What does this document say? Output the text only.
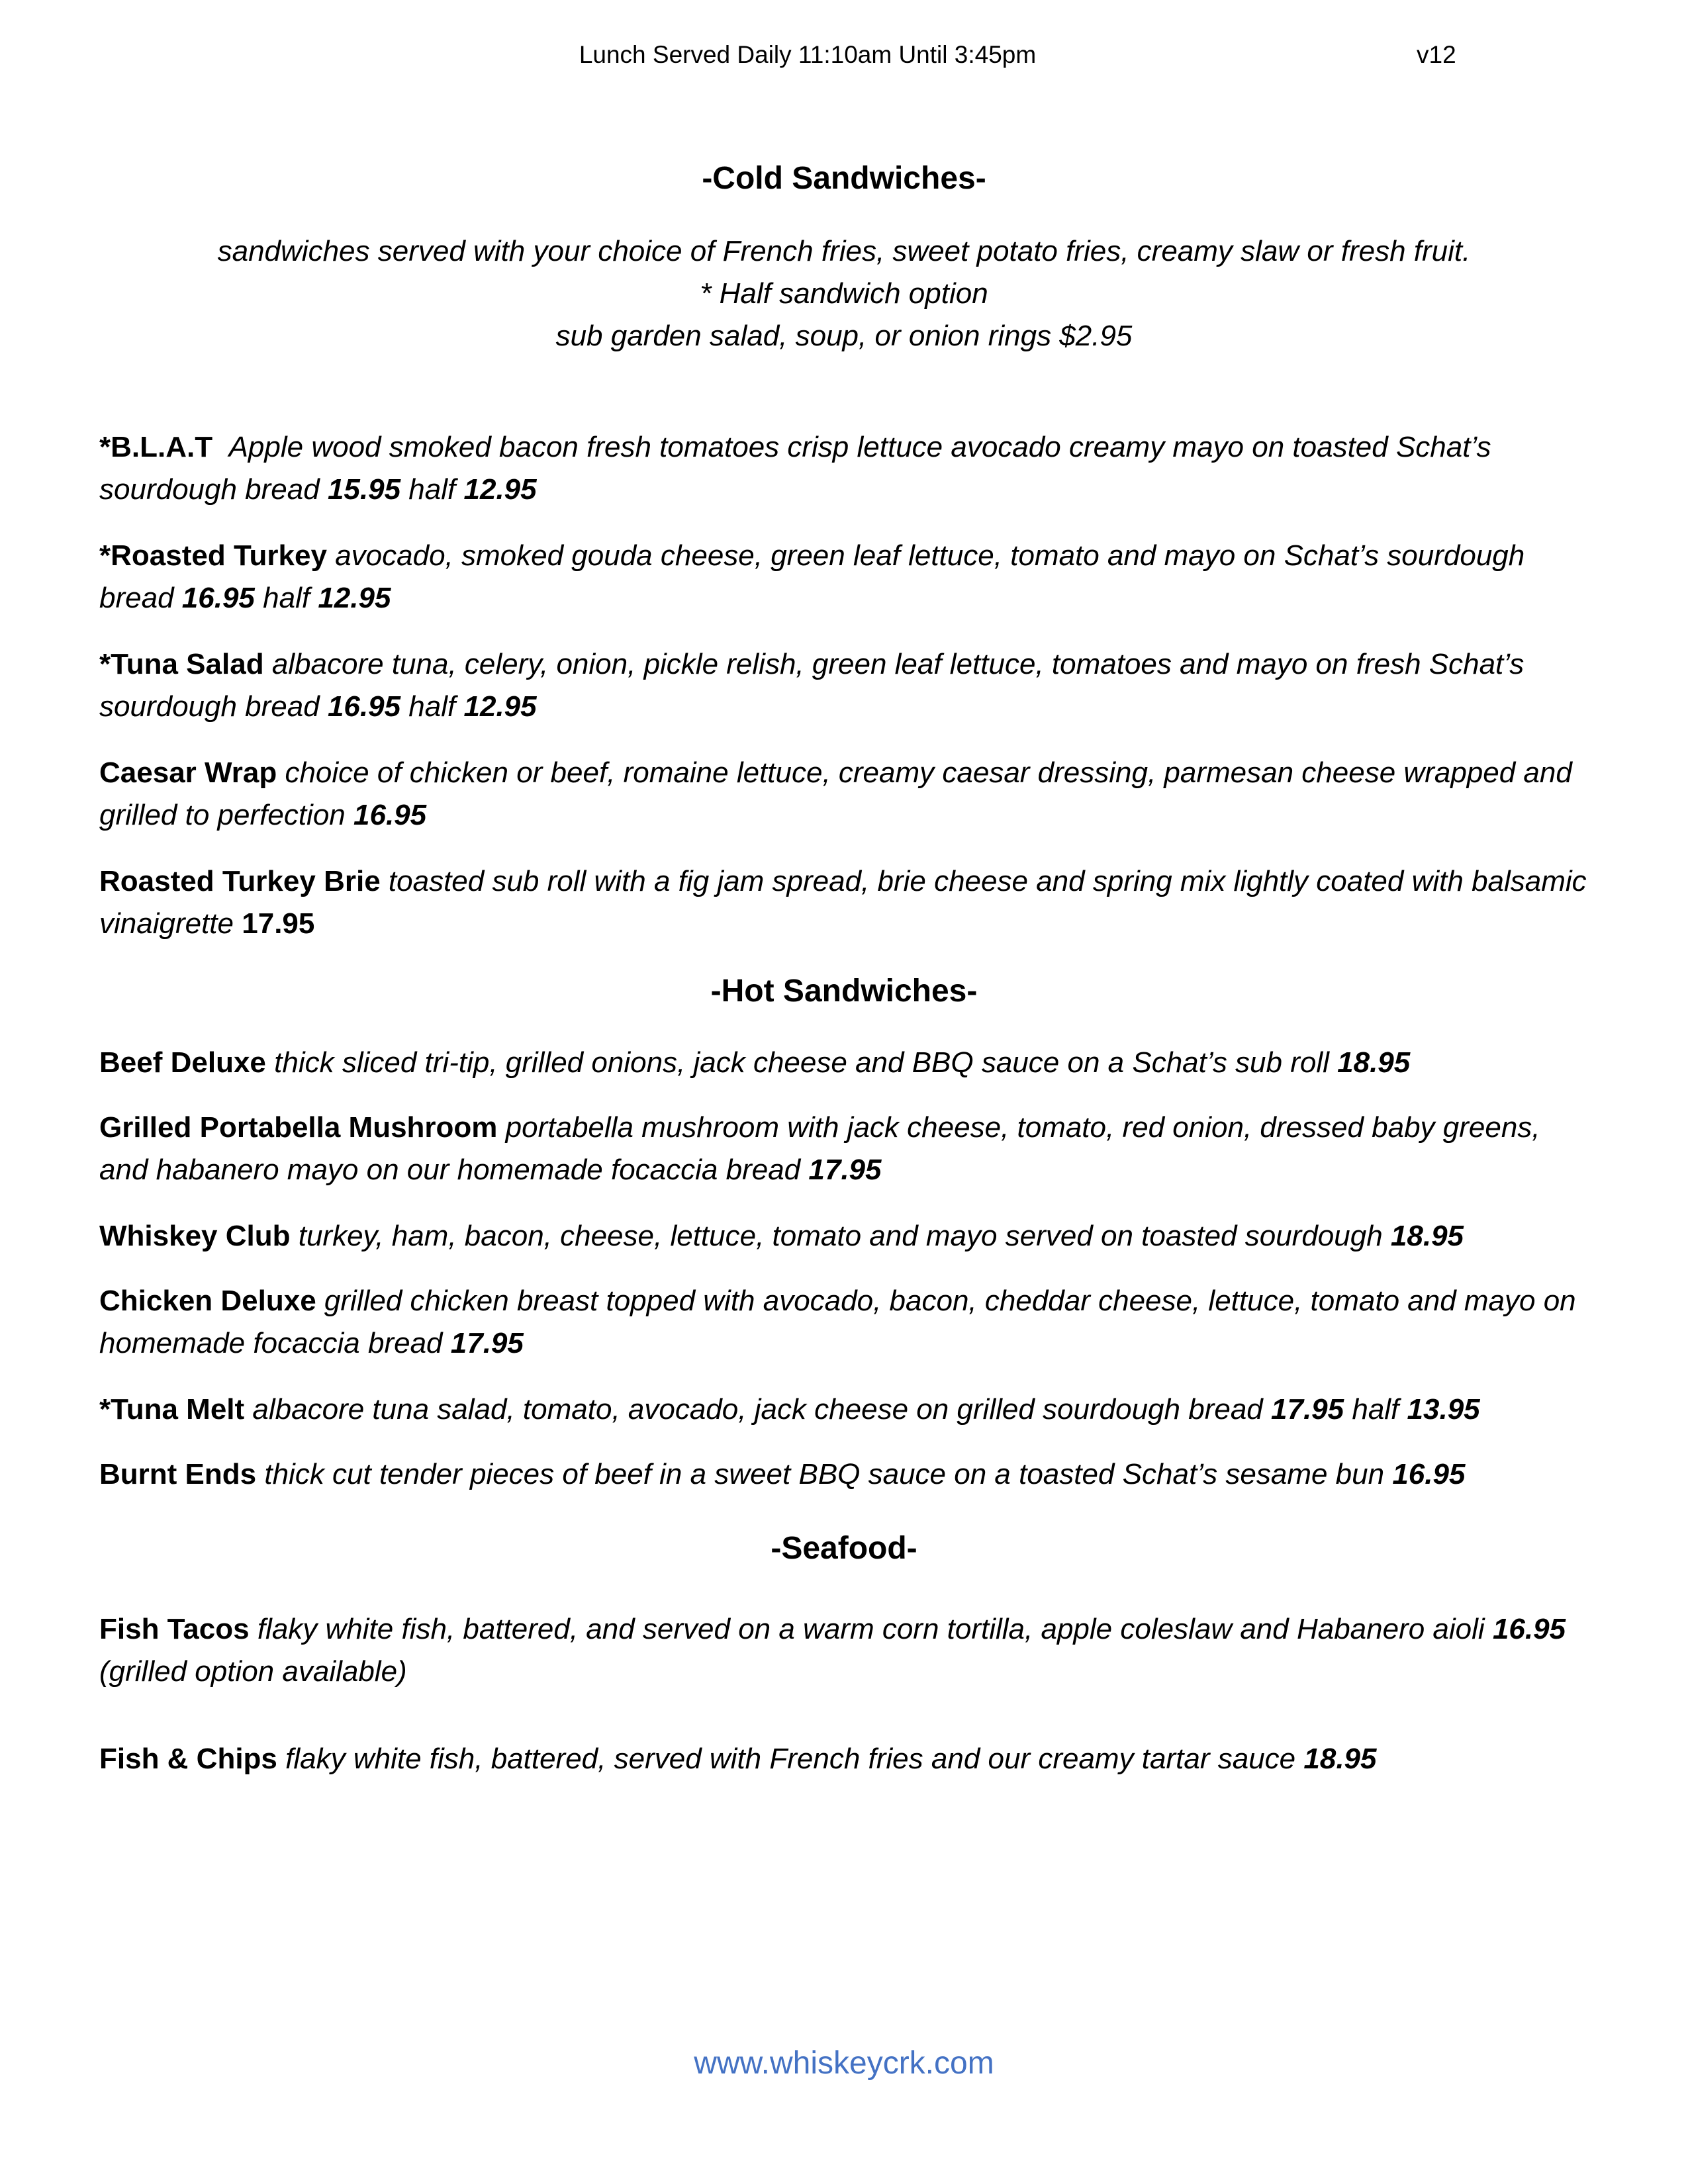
Lunch Served Daily 11:10am Until 3:45pm	v12
-Cold Sandwiches-
sandwiches served with your choice of French fries, sweet potato fries, creamy slaw or fresh fruit.
* Half sandwich option
sub garden salad, soup, or onion rings $2.95
*B.L.A.T Apple wood smoked bacon fresh tomatoes crisp lettuce avocado creamy mayo on toasted Schat’s sourdough bread 15.95 half 12.95
*Roasted Turkey avocado, smoked gouda cheese, green leaf lettuce, tomato and mayo on Schat’s sourdough bread 16.95 half 12.95
*Tuna Salad albacore tuna, celery, onion, pickle relish, green leaf lettuce, tomatoes and mayo on fresh Schat’s sourdough bread 16.95 half 12.95
Caesar Wrap choice of chicken or beef, romaine lettuce, creamy caesar dressing, parmesan cheese wrapped and grilled to perfection 16.95
Roasted Turkey Brie toasted sub roll with a fig jam spread, brie cheese and spring mix lightly coated with balsamic vinaigrette 17.95
-Hot Sandwiches-
Beef Deluxe thick sliced tri-tip, grilled onions, jack cheese and BBQ sauce on a Schat’s sub roll 18.95
Grilled Portabella Mushroom portabella mushroom with jack cheese, tomato, red onion, dressed baby greens, and habanero mayo on our homemade focaccia bread 17.95
Whiskey Club turkey, ham, bacon, cheese, lettuce, tomato and mayo served on toasted sourdough 18.95
Chicken Deluxe grilled chicken breast topped with avocado, bacon, cheddar cheese, lettuce, tomato and mayo on homemade focaccia bread 17.95
*Tuna Melt albacore tuna salad, tomato, avocado, jack cheese on grilled sourdough bread 17.95 half 13.95
Burnt Ends thick cut tender pieces of beef in a sweet BBQ sauce on a toasted Schat’s sesame bun 16.95
-Seafood-
Fish Tacos flaky white fish, battered, and served on a warm corn tortilla, apple coleslaw and Habanero aioli 16.95  (grilled option available)
Fish & Chips flaky white fish, battered, served with French fries and our creamy tartar sauce 18.95
www.whiskeycrk.com
